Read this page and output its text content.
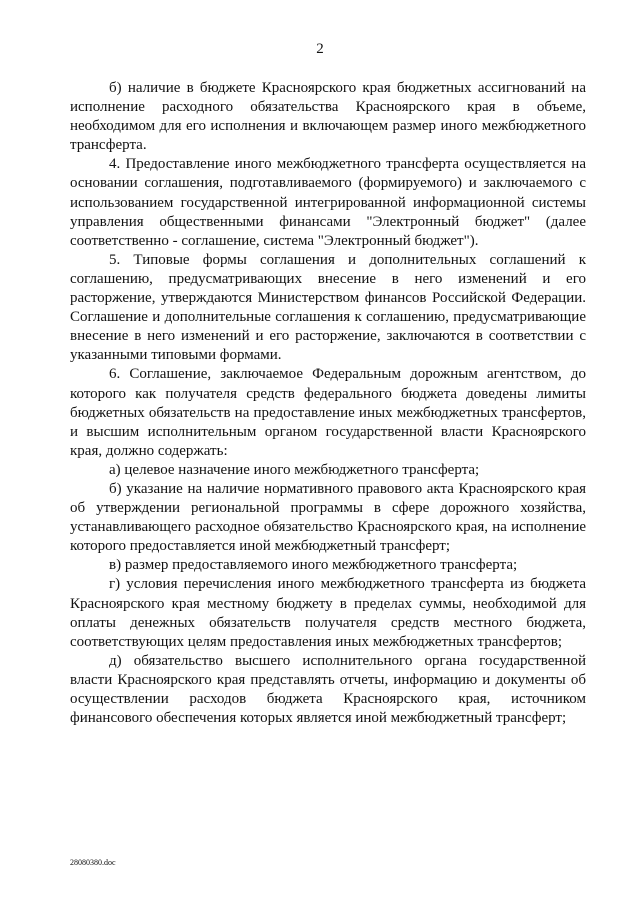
2

б) наличие в бюджете Красноярского края бюджетных ассигнований на исполнение расходного обязательства Красноярского края в объеме, необходимом для его исполнения и включающем размер иного межбюджетного трансферта.

4. Предоставление иного межбюджетного трансферта осуществляется на основании соглашения, подготавливаемого (формируемого) и заключаемого с использованием государственной интегрированной информационной системы управления общественными финансами "Электронный бюджет" (далее соответственно - соглашение, система "Электронный бюджет").

5. Типовые формы соглашения и дополнительных соглашений к соглашению, предусматривающих внесение в него изменений и его расторжение, утверждаются Министерством финансов Российской Федерации. Соглашение и дополнительные соглашения к соглашению, предусматривающие внесение в него изменений и его расторжение, заключаются в соответствии с указанными типовыми формами.

6. Соглашение, заключаемое Федеральным дорожным агентством, до которого как получателя средств федерального бюджета доведены лимиты бюджетных обязательств на предоставление иных межбюджетных трансфертов, и высшим исполнительным органом государственной власти Красноярского края, должно содержать:

а) целевое назначение иного межбюджетного трансферта;

б) указание на наличие нормативного правового акта Красноярского края об утверждении региональной программы в сфере дорожного хозяйства, устанавливающего расходное обязательство Красноярского края, на исполнение которого предоставляется иной межбюджетный трансферт;

в) размер предоставляемого иного межбюджетного трансферта;

г) условия перечисления иного межбюджетного трансферта из бюджета Красноярского края местному бюджету в пределах суммы, необходимой для оплаты денежных обязательств получателя средств местного бюджета, соответствующих целям предоставления иных межбюджетных трансфертов;

д) обязательство высшего исполнительного органа государственной власти Красноярского края представлять отчеты, информацию и документы об осуществлении расходов бюджета Красноярского края, источником финансового обеспечения которых является иной межбюджетный трансферт;

28080380.doc
